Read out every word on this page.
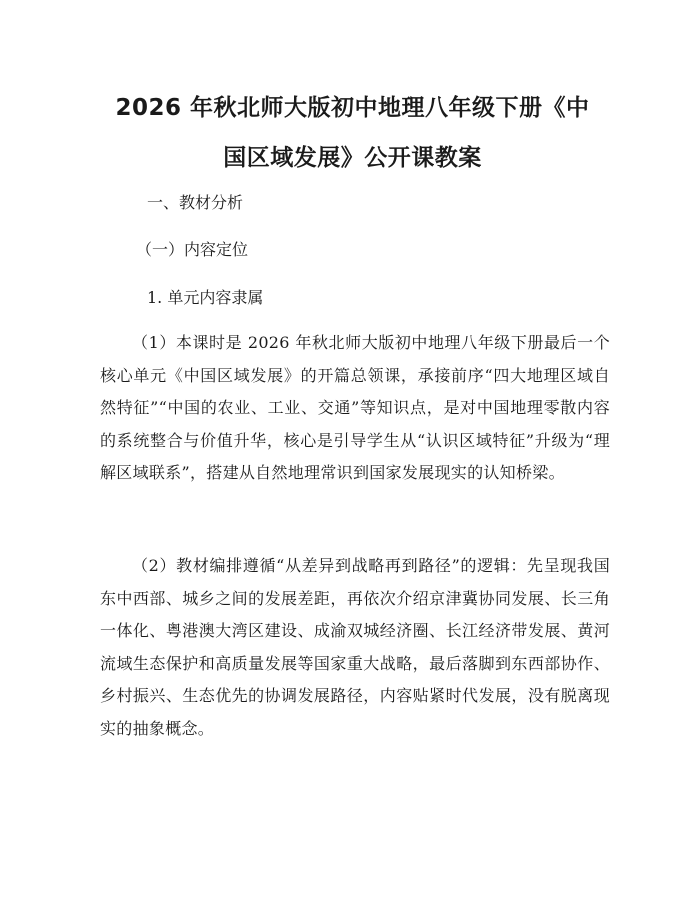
2026 年秋北师大版初中地理八年级下册《中
国区域发展》公开课教案

一、教材分析

（一）内容定位

1. 单元内容隶属

（1）本课时是 2026 年秋北师大版初中地理八年级下册最后一个核心单元《中国区域发展》的开篇总领课，承接前序“四大地理区域自然特征”“中国的农业、工业、交通”等知识点，是对中国地理零散内容的系统整合与价值升华，核心是引导学生从“认识区域特征”升级为“理解区域联系”，搭建从自然地理常识到国家发展现实的认知桥梁。

（2）教材编排遵循“从差异到战略再到路径”的逻辑：先呈现我国东中西部、城乡之间的发展差距，再依次介绍京津冀协同发展、长三角一体化、粤港澳大湾区建设、成渝双城经济圈、长江经济带发展、黄河流域生态保护和高质量发展等国家重大战略，最后落脚到东西部协作、乡村振兴、生态优先的协调发展路径，内容贴紧时代发展，没有脱离现实的抽象概念。
